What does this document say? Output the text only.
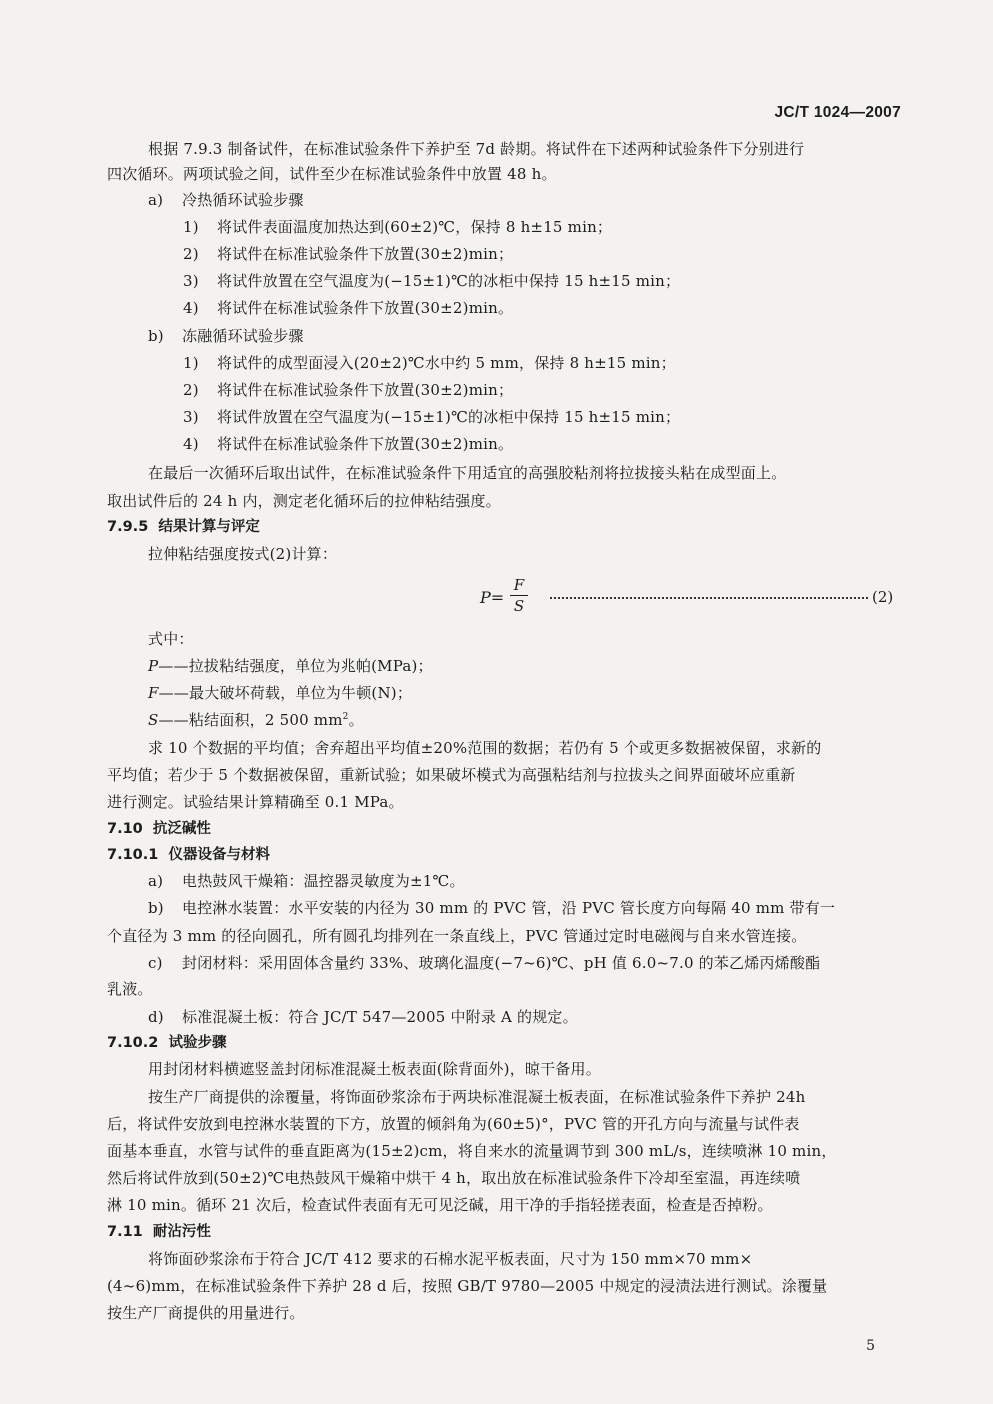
JC/T 1024—2007
根据 7.9.3 制备试件，在标准试验条件下养护至 7d 龄期。将试件在下述两种试验条件下分别进行
四次循环。两项试验之间，试件至少在标准试验条件中放置 48 h。
a) 冷热循环试验步骤
1) 将试件表面温度加热达到(60±2)℃，保持 8 h±15 min；
2) 将试件在标准试验条件下放置(30±2)min；
3) 将试件放置在空气温度为(−15±1)℃的冰柜中保持 15 h±15 min；
4) 将试件在标准试验条件下放置(30±2)min。
b) 冻融循环试验步骤
1) 将试件的成型面浸入(20±2)℃水中约 5 mm，保持 8 h±15 min；
2) 将试件在标准试验条件下放置(30±2)min；
3) 将试件放置在空气温度为(−15±1)℃的冰柜中保持 15 h±15 min；
4) 将试件在标准试验条件下放置(30±2)min。
在最后一次循环后取出试件，在标准试验条件下用适宜的高强胶粘剂将拉拔接头粘在成型面上。
取出试件后的 24 h 内，测定老化循环后的拉伸粘结强度。
7.9.5 结果计算与评定
拉伸粘结强度按式(2)计算：
P=
F
S	(2)
式中：
P——拉拔粘结强度，单位为兆帕(MPa)；
F——最大破坏荷载，单位为牛顿(N)；
S——粘结面积，2 500 $mm^2$。
求 10 个数据的平均值；舍弃超出平均值±20%范围的数据；若仍有 5 个或更多数据被保留，求新的
平均值；若少于 5 个数据被保留，重新试验；如果破坏模式为高强粘结剂与拉拔头之间界面破坏应重新
进行测定。试验结果计算精确至 0.1 MPa。
7.10 抗泛碱性
7.10.1 仪器设备与材料
a) 电热鼓风干燥箱：温控器灵敏度为±1℃。
b) 电控淋水装置：水平安装的内径为 30 mm 的 PVC 管，沿 PVC 管长度方向每隔 40 mm 带有一
个直径为 3 mm 的径向圆孔，所有圆孔均排列在一条直线上，PVC 管通过定时电磁阀与自来水管连接。
c) 封闭材料：采用固体含量约 33%、玻璃化温度(−7~6)℃、pH 值 6.0~7.0 的苯乙烯丙烯酸酯
乳液。
d) 标准混凝土板：符合 JC/T 547—2005 中附录 A 的规定。
7.10.2 试验步骤
用封闭材料横遮竖盖封闭标准混凝土板表面(除背面外)，晾干备用。
按生产厂商提供的涂覆量，将饰面砂浆涂布于两块标准混凝土板表面，在标准试验条件下养护 24h
后，将试件安放到电控淋水装置的下方，放置的倾斜角为(60±5)°，PVC 管的开孔方向与流量与试件表
面基本垂直，水管与试件的垂直距离为(15±2)cm，将自来水的流量调节到 300 mL/s，连续喷淋 10 min，
然后将试件放到(50±2)℃电热鼓风干燥箱中烘干 4 h，取出放在标准试验条件下冷却至室温，再连续喷
淋 10 min。循环 21 次后，检查试件表面有无可见泛碱，用干净的手指轻搓表面，检查是否掉粉。
7.11 耐沾污性
将饰面砂浆涂布于符合 JC/T 412 要求的石棉水泥平板表面，尺寸为 150 mm×70 mm×
(4~6)mm，在标准试验条件下养护 28 d 后，按照 GB/T 9780—2005 中规定的浸渍法进行测试。涂覆量
按生产厂商提供的用量进行。
5
